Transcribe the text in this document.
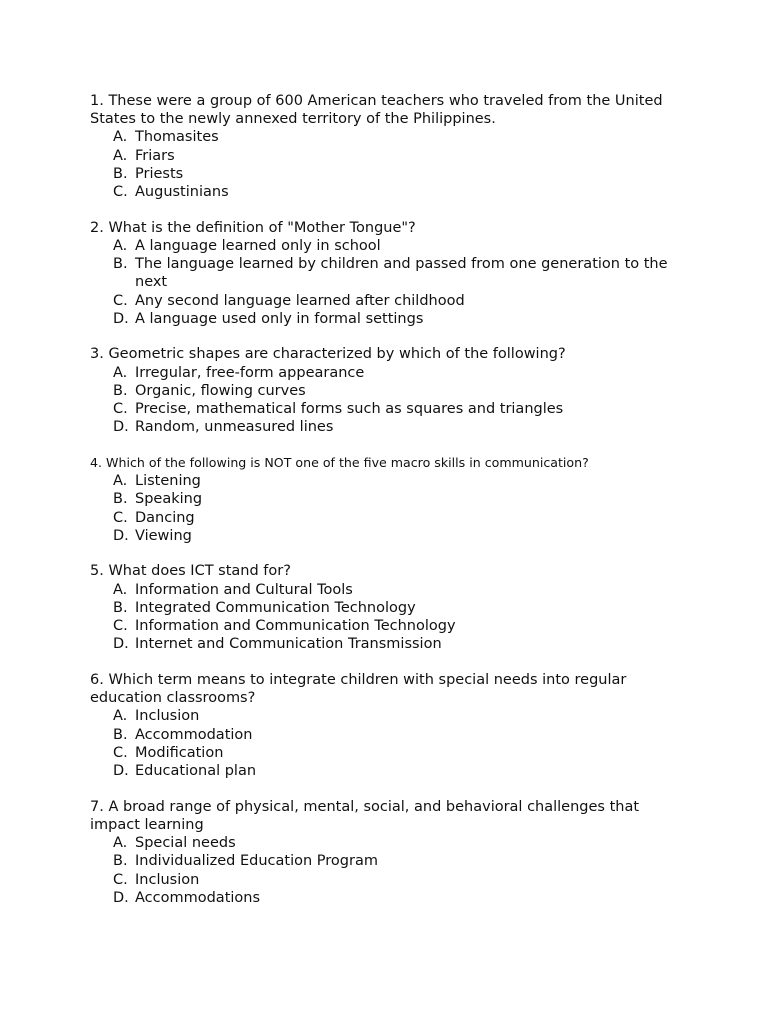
1. These were a group of 600 American teachers who traveled from the United States to the newly annexed territory of the Philippines.

A. Thomasites
A. Friars
B. Priests
C. Augustinians

2. What is the definition of "Mother Tongue"?

A. A language learned only in school
B. The language learned by children and passed from one generation to the next
C. Any second language learned after childhood
D. A language used only in formal settings

3. Geometric shapes are characterized by which of the following?

A. Irregular, free-form appearance
B. Organic, flowing curves
C. Precise, mathematical forms such as squares and triangles
D. Random, unmeasured lines

4. Which of the following is NOT one of the five macro skills in communication?

A. Listening
B. Speaking
C. Dancing
D. Viewing

5. What does ICT stand for?

A. Information and Cultural Tools
B. Integrated Communication Technology
C. Information and Communication Technology
D. Internet and Communication Transmission

6. Which term means to integrate children with special needs into regular education classrooms?

A. Inclusion
B. Accommodation
C. Modification
D. Educational plan

7. A broad range of physical, mental, social, and behavioral challenges that impact learning

A. Special needs
B. Individualized Education Program
C. Inclusion
D. Accommodations
